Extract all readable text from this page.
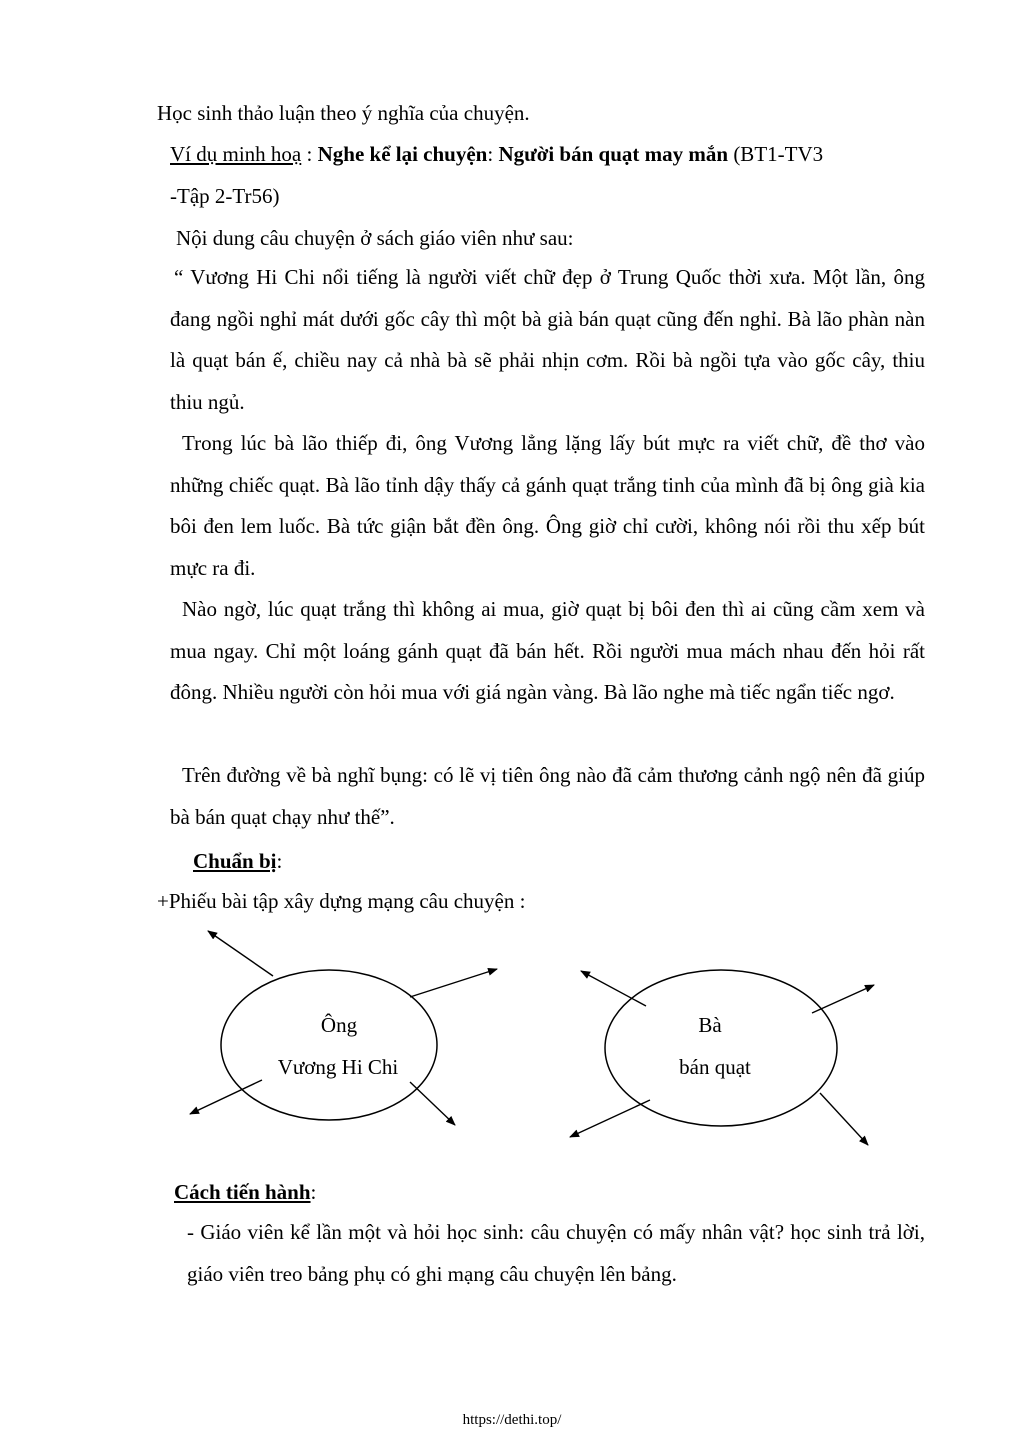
Học sinh thảo luận theo ý nghĩa của chuyện.
Ví dụ minh hoạ : Nghe kể lại chuyện: Người bán quạt may mắn (BT1-TV3
-Tập 2-Tr56)
Nội dung câu chuyện ở sách giáo viên như sau:
“ Vương Hi Chi nổi tiếng là người viết chữ đẹp ở Trung Quốc thời xưa. Một lần, ông đang ngồi nghỉ mát dưới gốc cây thì một bà già bán quạt cũng đến nghỉ. Bà lão phàn nàn là quạt bán ế, chiều nay cả nhà bà sẽ phải nhịn cơm. Rồi bà ngồi tựa vào gốc cây, thiu thiu ngủ.
Trong lúc bà lão thiếp đi, ông Vương lẳng lặng lấy bút mực ra viết chữ, đề thơ vào những chiếc quạt. Bà lão tỉnh dậy thấy cả gánh quạt trắng tinh của mình đã bị ông già kia bôi đen lem luốc. Bà tức giận bắt đền ông. Ông giờ chỉ cười, không nói rồi thu xếp bút mực ra đi.
Nào ngờ, lúc quạt trắng thì không ai mua, giờ quạt bị bôi đen thì ai cũng cầm xem và mua ngay. Chỉ một loáng gánh quạt đã bán hết. Rồi người mua mách nhau đến hỏi rất đông. Nhiều người còn hỏi mua với giá ngàn vàng. Bà lão nghe mà tiếc ngẩn tiếc ngơ.
Trên đường về bà nghĩ bụng: có lẽ vị tiên ông nào đã cảm thương cảnh ngộ nên đã giúp bà bán quạt chạy như thế”.
Chuẩn bị:
+Phiếu bài tập xây dựng mạng câu chuyện :
Ông
Vương Hi Chi
Bà
bán quạt
Cách tiến hành:
- Giáo viên kể lần một và hỏi học sinh: câu chuyện có mấy nhân vật? học sinh trả lời, giáo viên treo bảng phụ có ghi mạng câu chuyện lên bảng.
https://dethi.top/
